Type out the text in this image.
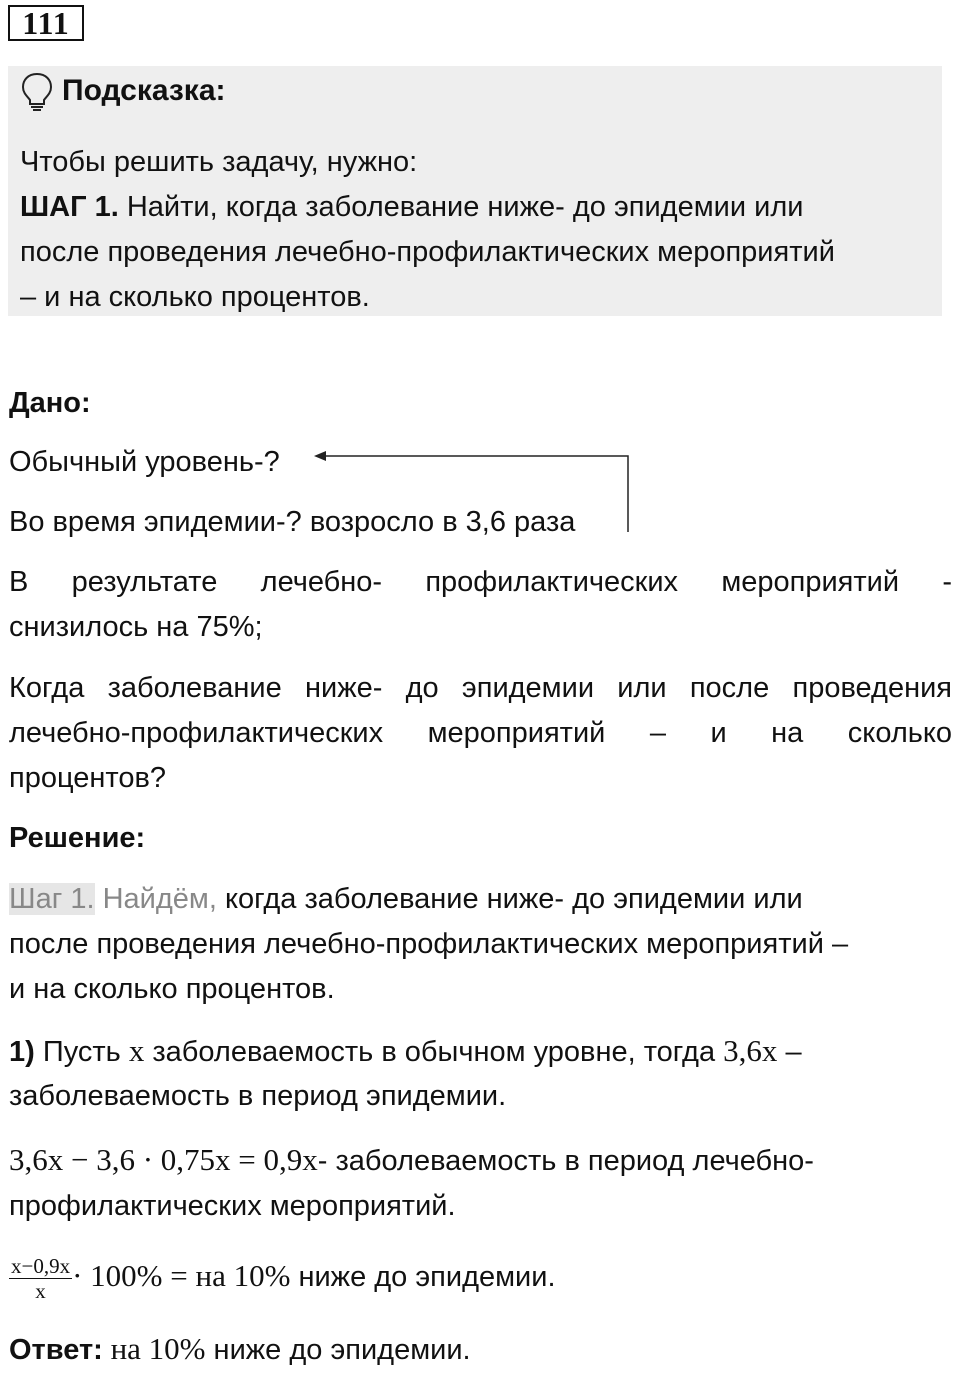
111
Подсказка:
Чтобы решить задачу, нужно:
ШАГ 1. Найти, когда заболевание ниже- до эпидемии или
после проведения лечебно-профилактических мероприятий
– и на сколько процентов.
Дано:
Обычный уровень-?
Во время эпидемии-? возросло в 3,6 раза
В результате лечебно- профилактических мероприятий -
снизилось на 75%;
Когда заболевание ниже- до эпидемии или после проведения
лечебно-профилактических мероприятий – и на сколько
процентов?
Решение:
Шаг 1. Найдём, когда заболевание ниже- до эпидемии или
после проведения лечебно-профилактических мероприятий –
и на сколько процентов.
1) Пусть x заболеваемость в обычном уровне, тогда 3,6x –
заболеваемость в период эпидемии.
3,6x − 3,6 · 0,75x = 0,9x- заболеваемость в период лечебно-
профилактических мероприятий.
$\frac{x-0,9x}{x} \cdot 100\%$ = на 10% ниже до эпидемии.
Ответ: на 10% ниже до эпидемии.
